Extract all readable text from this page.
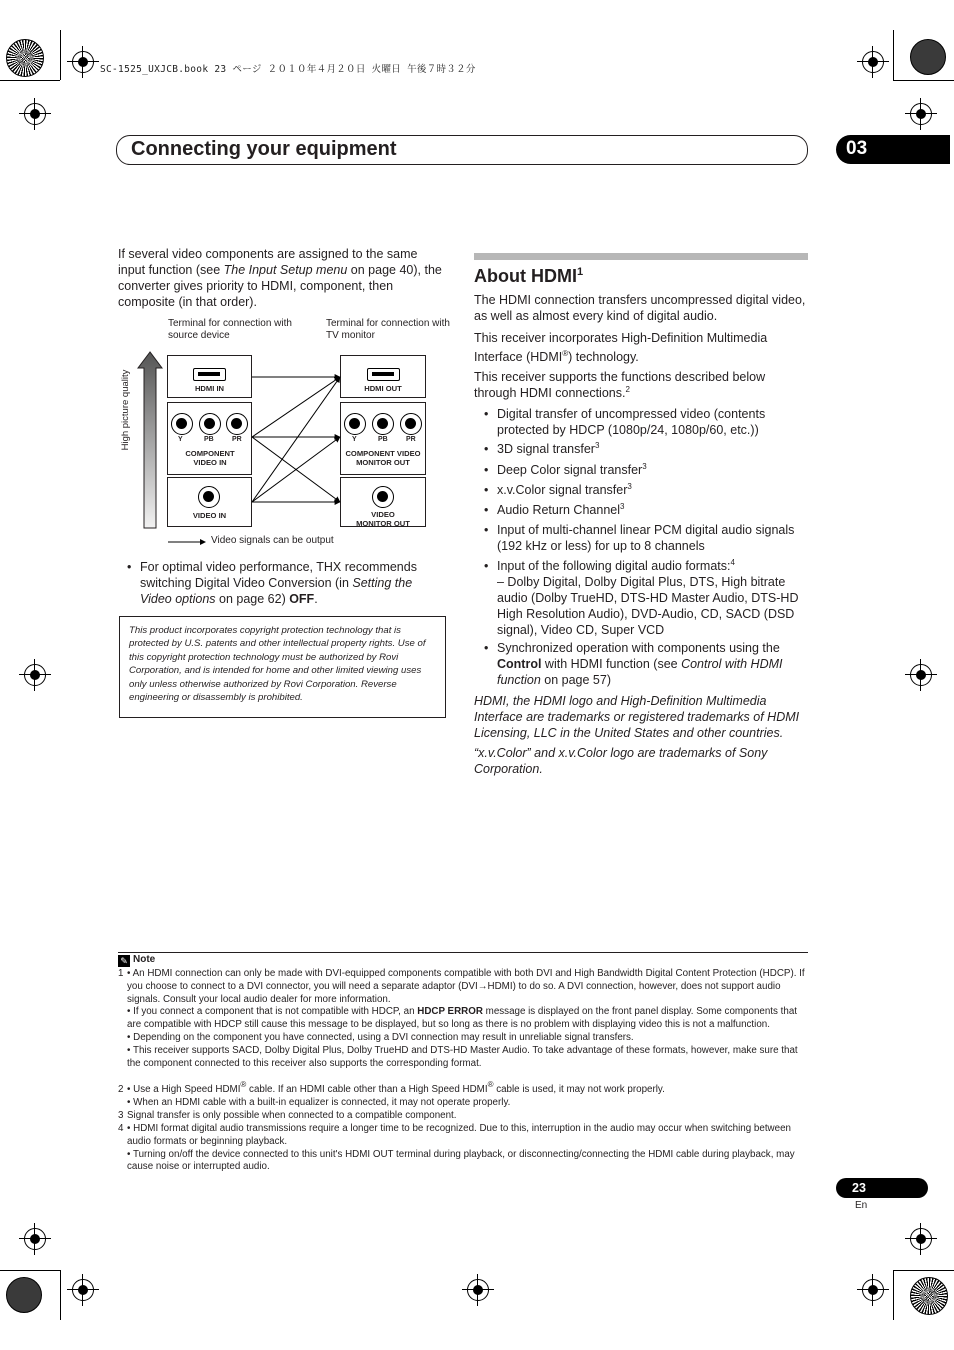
SC-1525_UXJCB.book 23 ページ ２０１０年４月２０日 火曜日 午後７時３２分
Connecting your equipment	03
If several video components are assigned to the same input function (see The Input Setup menu on page 40), the converter gives priority to HDMI, component, then composite (in that order).
Terminal for connection with source device
Terminal for connection with TV monitor
High picture quality	HDMI IN
Y	PB	PR
COMPONENT VIDEO IN
VIDEO IN
HDMI OUT
Y	PB	PR
COMPONENT VIDEO MONITOR OUT
VIDEO MONITOR OUT
Video signals can be output
• For optimal video performance, THX recommends switching Digital Video Conversion (in Setting the Video options on page 62) OFF.
This product incorporates copyright protection technology that is protected by U.S. patents and other intellectual property rights. Use of this copyright protection technology must be authorized by Rovi Corporation, and is intended for home and other limited viewing uses only unless otherwise authorized by Rovi Corporation. Reverse engineering or disassembly is prohibited.
About HDMI$^1$
The HDMI connection transfers uncompressed digital video, as well as almost every kind of digital audio.
This receiver incorporates High-Definition Multimedia Interface (HDMI®) technology.
This receiver supports the functions described below through HDMI connections.$^2$
• Digital transfer of uncompressed video (contents protected by HDCP (1080p/24, 1080p/60, etc.))
• 3D signal transfer$^3$
• Deep Color signal transfer$^3$
• x.v.Color signal transfer$^3$
• Audio Return Channel$^3$
• Input of multi-channel linear PCM digital audio signals (192 kHz or less) for up to 8 channels
• Input of the following digital audio formats:$^4$
– Dolby Digital, Dolby Digital Plus, DTS, High bitrate audio (Dolby TrueHD, DTS-HD Master Audio, DTS-HD High Resolution Audio), DVD-Audio, CD, SACD (DSD signal), Video CD, Super VCD
• Synchronized operation with components using the Control with HDMI function (see Control with HDMI function on page 57)
HDMI, the HDMI logo and High-Definition Multimedia Interface are trademarks or registered trademarks of HDMI Licensing, LLC in the United States and other countries.
“x.v.Color” and x.v.Color logo are trademarks of Sony Corporation.
✎ Note
1 • An HDMI connection can only be made with DVI-equipped components compatible with both DVI and High Bandwidth Digital Content Protection (HDCP). If you choose to connect to a DVI connector, you will need a separate adaptor (DVI→HDMI) to do so. A DVI connection, however, does not support audio signals. Consult your local audio dealer for more information.
• If you connect a component that is not compatible with HDCP, an HDCP ERROR message is displayed on the front panel display. Some components that are compatible with HDCP still cause this message to be displayed, but so long as there is no problem with displaying video this is not a malfunction.
• Depending on the component you have connected, using a DVI connection may result in unreliable signal transfers.
• This receiver supports SACD, Dolby Digital Plus, Dolby TrueHD and DTS-HD Master Audio. To take advantage of these formats, however, make sure that the component connected to this receiver also supports the corresponding format.
2 • Use a High Speed HDMI® cable. If an HDMI cable other than a High Speed HDMI® cable is used, it may not work properly.
• When an HDMI cable with a built-in equalizer is connected, it may not operate properly.
3 Signal transfer is only possible when connected to a compatible component.
4 • HDMI format digital audio transmissions require a longer time to be recognized. Due to this, interruption in the audio may occur when switching between audio formats or beginning playback.
• Turning on/off the device connected to this unit's HDMI OUT terminal during playback, or disconnecting/connecting the HDMI cable during playback, may cause noise or interrupted audio.
23
En
